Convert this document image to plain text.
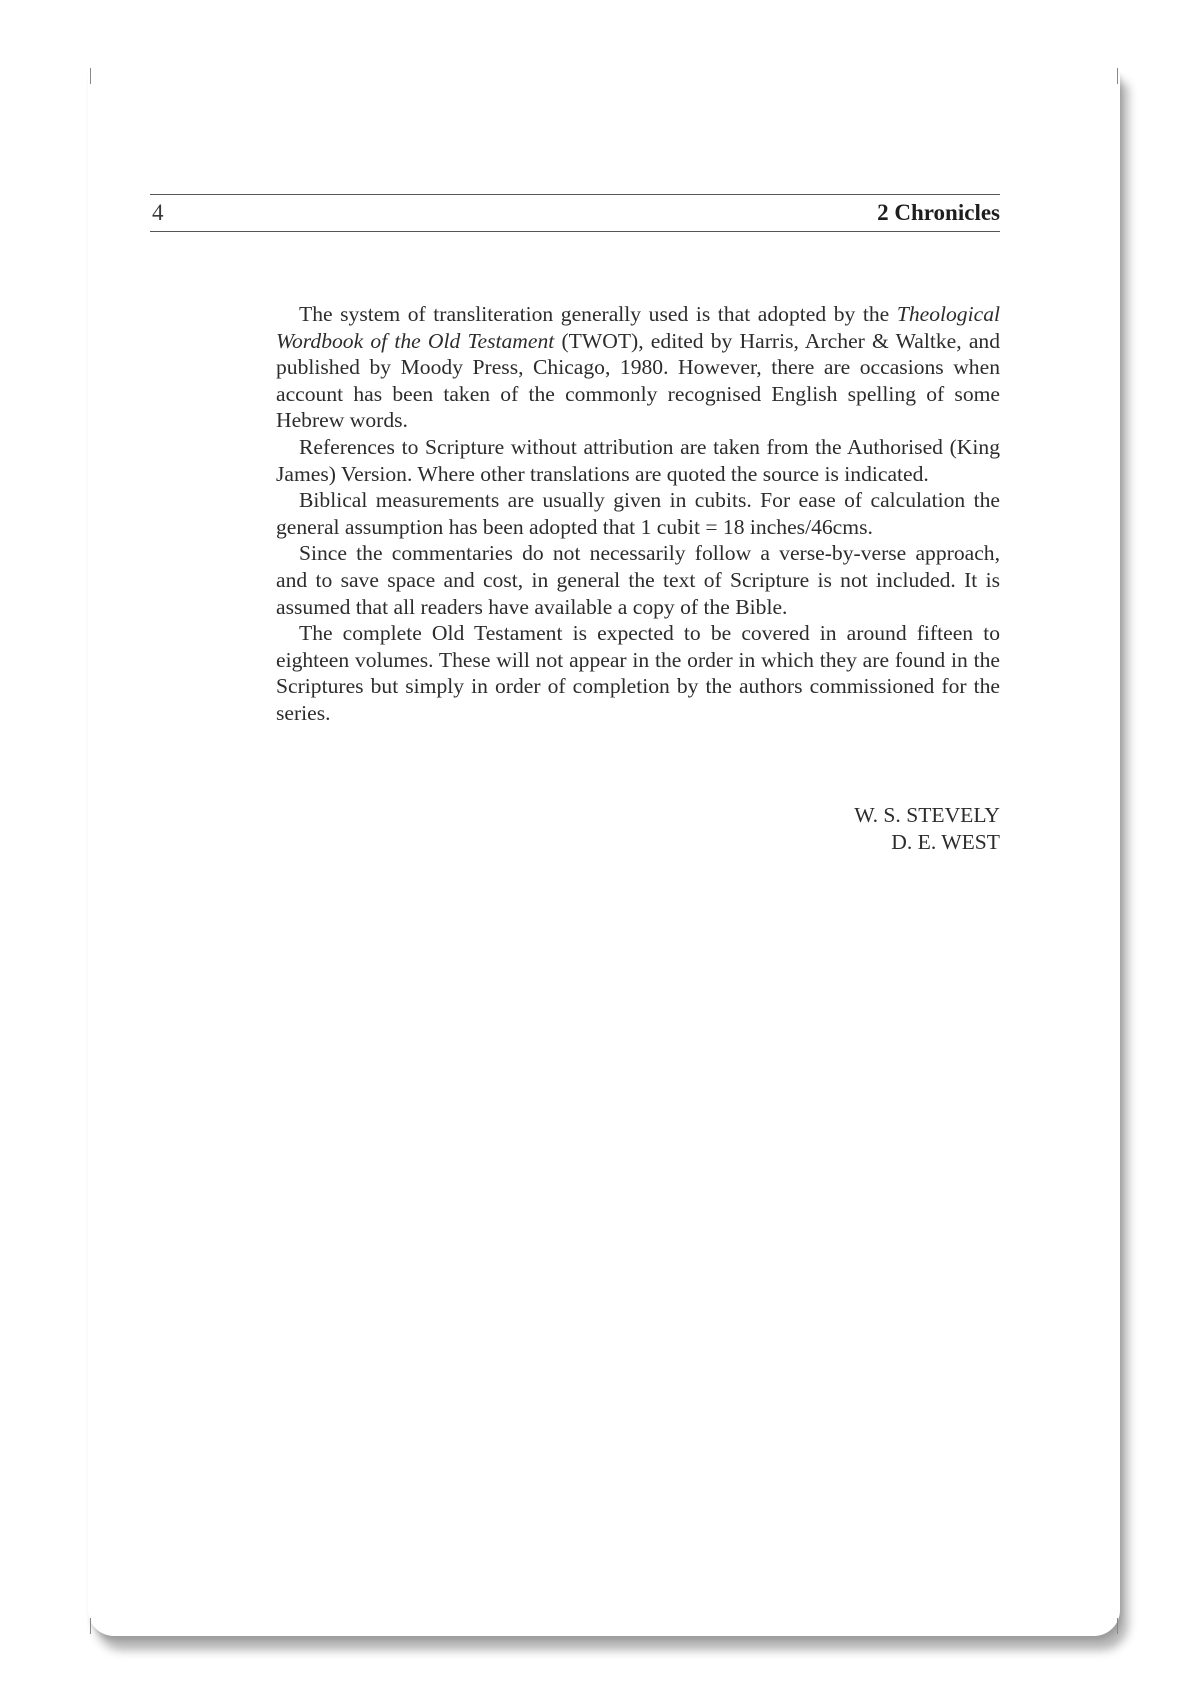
4	2 Chronicles

The system of transliteration generally used is that adopted by the Theological Wordbook of the Old Testament (TWOT), edited by Harris, Archer & Waltke, and published by Moody Press, Chicago, 1980. However, there are occasions when account has been taken of the commonly recognised English spelling of some Hebrew words.

References to Scripture without attribution are taken from the Authorised (King James) Version. Where other translations are quoted the source is indicated.

Biblical measurements are usually given in cubits. For ease of calculation the general assumption has been adopted that 1 cubit = 18 inches/46cms.

Since the commentaries do not necessarily follow a verse-by-verse approach, and to save space and cost, in general the text of Scripture is not included. It is assumed that all readers have available a copy of the Bible.

The complete Old Testament is expected to be covered in around fifteen to eighteen volumes. These will not appear in the order in which they are found in the Scriptures but simply in order of completion by the authors commissioned for the series.

W. S. STEVELY
D. E. WEST
